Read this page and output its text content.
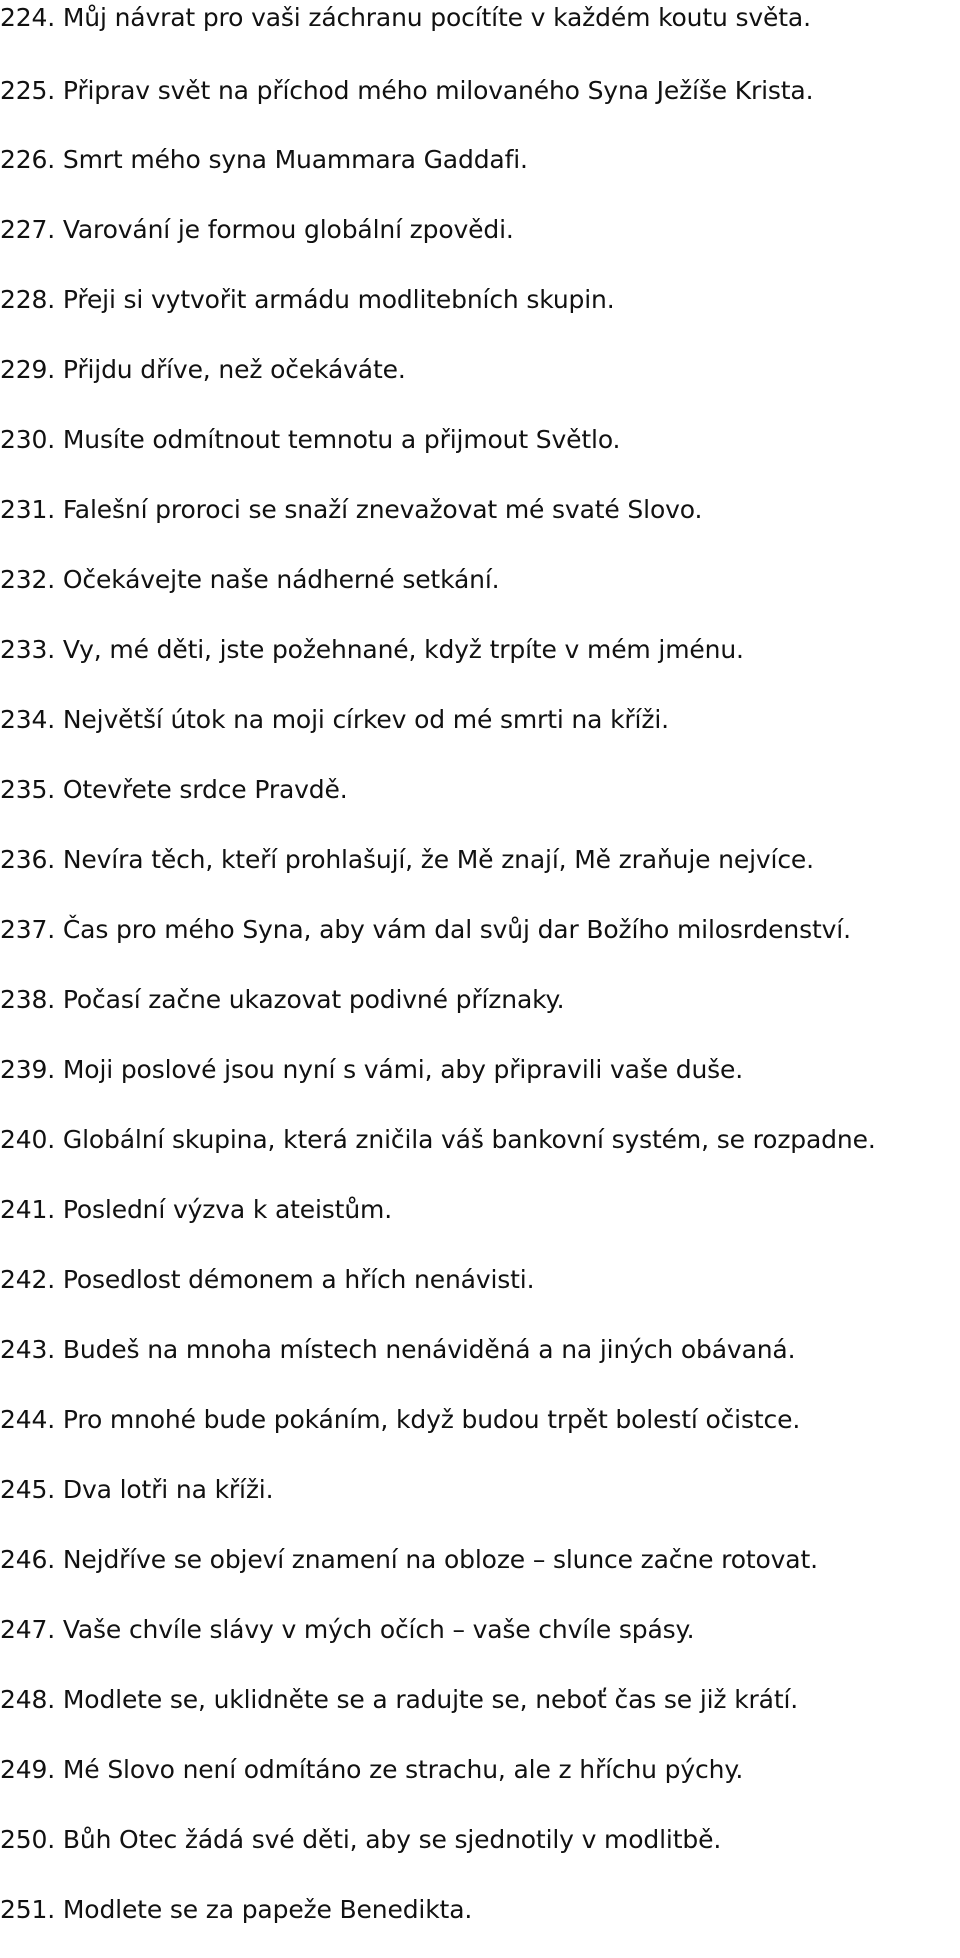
224. Můj návrat pro vaši záchranu pocítíte v každém koutu světa.
225. Připrav svět na příchod mého milovaného Syna Ježíše Krista.
226. Smrt mého syna Muammara Gaddafi.
227. Varování je formou globální zpovědi.
228. Přeji si vytvořit armádu modlitebních skupin.
229. Přijdu dříve, než očekáváte.
230. Musíte odmítnout temnotu a přijmout Světlo.
231. Falešní proroci se snaží znevažovat mé svaté Slovo.
232. Očekávejte naše nádherné setkání.
233. Vy, mé děti, jste požehnané, když trpíte v mém jménu.
234. Největší útok na moji církev od mé smrti na kříži.
235. Otevřete srdce Pravdě.
236. Nevíra těch, kteří prohlašují, že Mě znají, Mě zraňuje nejvíce.
237. Čas pro mého Syna, aby vám dal svůj dar Božího milosrdenství.
238. Počasí začne ukazovat podivné příznaky.
239. Moji poslové jsou nyní s vámi, aby připravili vaše duše.
240. Globální skupina, která zničila váš bankovní systém, se rozpadne.
241. Poslední výzva k ateistům.
242. Posedlost démonem a hřích nenávisti.
243. Budeš na mnoha místech nenáviděná a na jiných obávaná.
244. Pro mnohé bude pokáním, když budou trpět bolestí očistce.
245. Dva lotři na kříži.
246. Nejdříve se objeví znamení na obloze – slunce začne rotovat.
247. Vaše chvíle slávy v mých očích – vaše chvíle spásy.
248. Modlete se, uklidněte se a radujte se, neboť čas se již krátí.
249. Mé Slovo není odmítáno ze strachu, ale z hříchu pýchy.
250. Bůh Otec žádá své děti, aby se sjednotily v modlitbě.
251. Modlete se za papeže Benedikta.
